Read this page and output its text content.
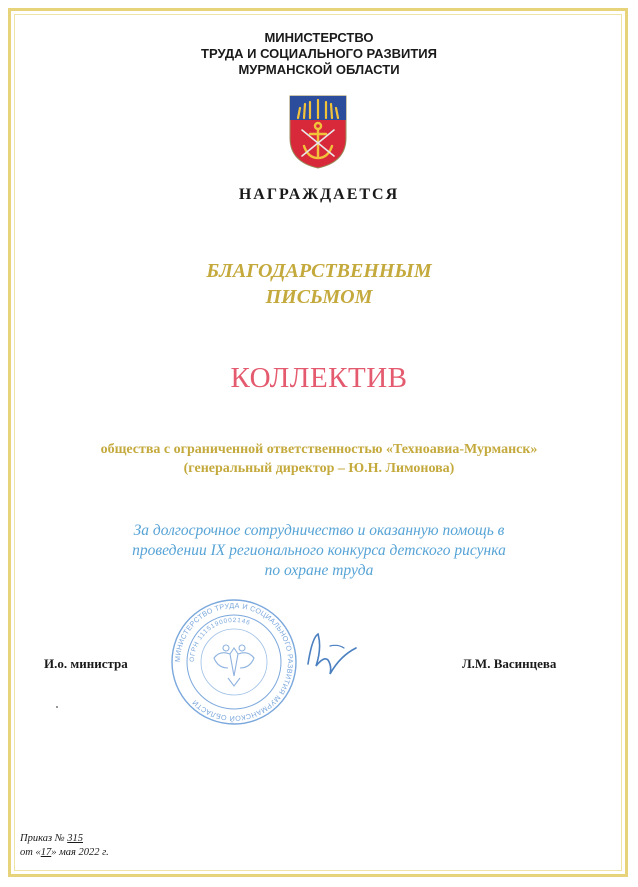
МИНИСТЕРСТВО
ТРУДА И СОЦИАЛЬНОГО РАЗВИТИЯ
МУРМАНСКОЙ ОБЛАСТИ
НАГРАЖДАЕТСЯ
БЛАГОДАРСТВЕННЫМ
ПИСЬМОМ
КОЛЛЕКТИВ
общества с ограниченной ответственностью «Техноавиа-Мурманск»
(генеральный директор – Ю.Н. Лимонова)
За долгосрочное сотрудничество и оказанную помощь в
проведении IX регионального конкурса детского рисунка
по охране труда
МИНИСТЕРСТВО ТРУДА И СОЦИАЛЬНОГО РАЗВИТИЯ МУРМАНСКОЙ ОБЛАСТИ
ОГРН 1115190002146
И.о. министра	Л.М. Васинцева
Приказ № 315
от «17» мая 2022 г.
